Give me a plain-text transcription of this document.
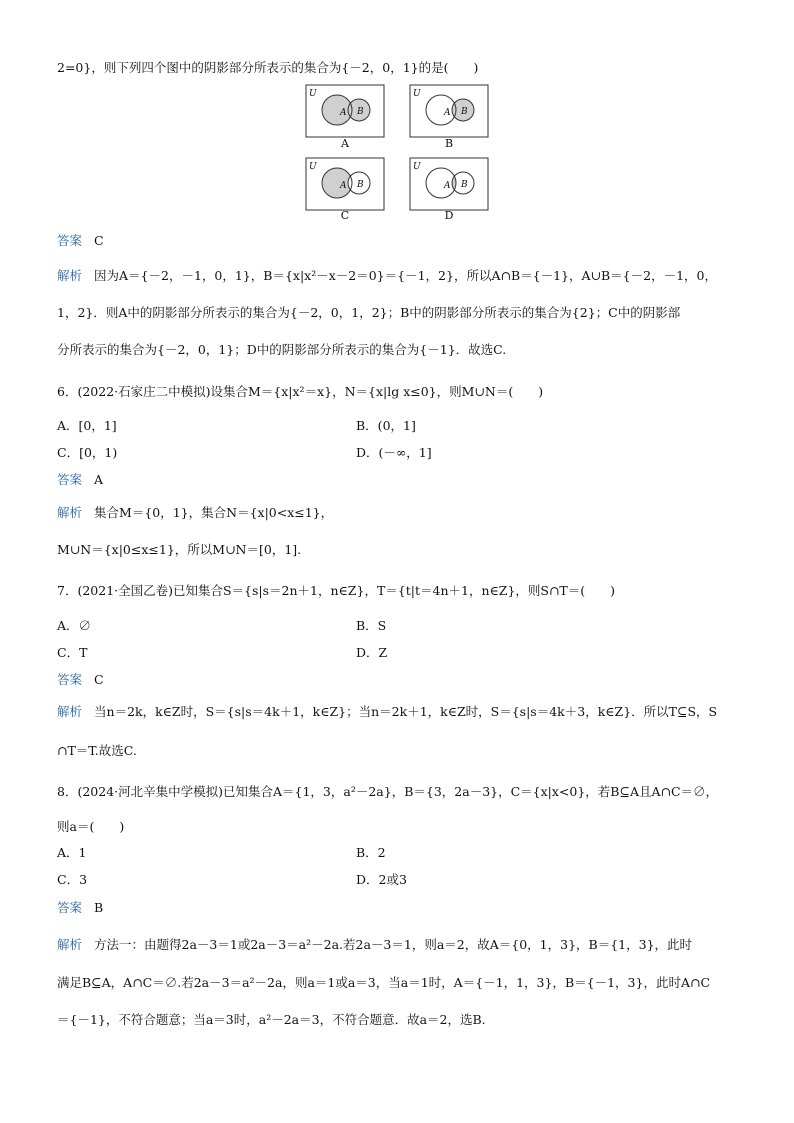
2=0}，则下列四个图中的阴影部分所表示的集合为{－2，0，1}的是(　　)
U
A B
U
A B
U
A B
U
A B
A	B
C	D
答案 C
解析 因为A＝{－2，－1，0，1}，B＝{x|x²－x－2＝0}＝{－1，2}，所以A∩B＝{－1}，A∪B＝{－2，－1，0，
1，2}．则A中的阴影部分所表示的集合为{－2，0，1，2}；B中的阴影部分所表示的集合为{2}；C中的阴影部
分所表示的集合为{－2，0，1}；D中的阴影部分所表示的集合为{－1}．故选C.
6．(2022·石家庄二中模拟)设集合M＝{x|x²＝x}，N＝{x|lg x≤0}，则M∪N＝(　　)
A．[0，1]	B．(0，1]
C．[0，1)	D．(－∞，1]
答案 A
解析 集合M＝{0，1}，集合N＝{x|0<x≤1}，
M∪N＝{x|0≤x≤1}，所以M∪N＝[0，1].
7．(2021·全国乙卷)已知集合S＝{s|s＝2n＋1，n∈Z}，T＝{t|t＝4n＋1，n∈Z}，则S∩T＝(　　)
A．∅	B．S
C．T	D．Z
答案 C
解析 当n＝2k，k∈Z时，S＝{s|s＝4k＋1，k∈Z}；当n＝2k＋1，k∈Z时，S＝{s|s＝4k＋3，k∈Z}．所以T⊆S，S
∩T＝T.故选C.
8．(2024·河北辛集中学模拟)已知集合A＝{1，3，a²－2a}，B＝{3，2a－3}，C＝{x|x<0}，若B⊆A且A∩C＝∅，
则a＝(　　)
A．1	B．2
C．3	D．2或3
答案 B
解析 方法一：由题得2a－3＝1或2a－3＝a²－2a.若2a－3＝1，则a＝2，故A＝{0，1，3}，B＝{1，3}，此时
满足B⊆A，A∩C＝∅.若2a－3＝a²－2a，则a＝1或a＝3，当a＝1时，A＝{－1，1，3}，B＝{－1，3}，此时A∩C
＝{－1}，不符合题意；当a＝3时，a²－2a＝3，不符合题意．故a＝2，选B.
